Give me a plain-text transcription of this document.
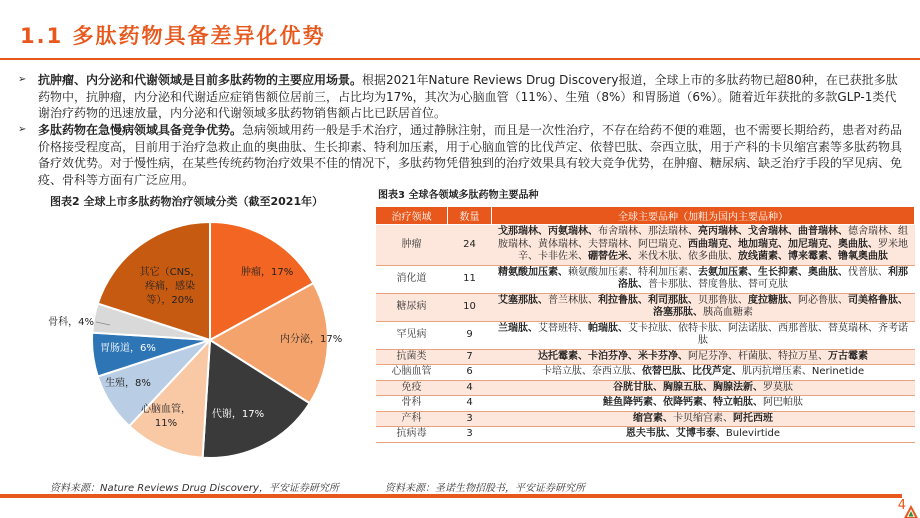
1.1 多肽药物具备差异化优势
➢ 抗肿瘤、内分泌和代谢领域是目前多肽药物的主要应用场景。根据2021年Nature Reviews Drug Discovery报道，全球上市的多肽药物已超80种，在已获批多肽药物中，抗肿瘤，内分泌和代谢适应症销售额位居前三，占比均为17%，其次为心脑血管（11%）、生殖（8%）和胃肠道（6%）。随着近年获批的多款GLP-1类代谢治疗药物的迅速放量，内分泌和代谢领域多肽药物销售额占比已跃居首位。
➢ 多肽药物在急慢病领域具备竞争优势。急病领域用药一般是手术治疗，通过静脉注射，而且是一次性治疗，不存在给药不便的难题，也不需要长期给药，患者对药品价格接受程度高，目前用于治疗急救止血的奥曲肽、生长抑素、特利加压素，用于心脑血管的比伐芦定、依替巴肽、奈西立肽，用于产科的卡贝缩宫素等多肽药物具备疗效优势。对于慢性病，在某些传统药物治疗效果不佳的情况下，多肽药物凭借独到的治疗效果具有较大竞争优势，在肿瘤、糖尿病、缺乏治疗手段的罕见病、免疫、骨科等方面有广泛应用。
图表2 全球上市多肽药物治疗领域分类（截至2021年）
肿瘤，17%
内分泌，17%
代谢，17%
心脑血管， 11%
生殖，8%
胃肠道，6%
骨科，4%
其它（CNS，疼痛，感染等），20%
图表3 全球各领域多肽药物主要品种
治疗领域	数量	全球主要品种（加粗为国内主要品种）
肿瘤	24	戈那瑞林、丙氨瑞林、布舍瑞林、那法瑞林、亮丙瑞林、戈舍瑞林、曲普瑞林、德舍瑞林、组胺瑞林、黄体瑞林、夫替瑞林、阿巴瑞克、西曲瑞克、地加瑞克、加尼瑞克、奥曲肽、罗米地辛、卡非佐米、硼替佐米、米伐木肽、依多曲肽、放线菌素、博来霉素、镥氧奥曲肽
消化道	11	精氨酸加压素、赖氨酸加压素、特利加压素、去氨加压素、生长抑素、奥曲肽、伐普肽、利那洛肽、普卡那肽、替度鲁肽、替可克肽
糖尿病	10	艾塞那肽、普兰林肽、利拉鲁肽、利司那肽、贝那鲁肽、度拉糖肽、阿必鲁肽、司美格鲁肽、洛塞那肽、胰高血糖素
罕见病	9	兰瑞肽、艾替班特、帕瑞肽、艾卡拉肽、依特卡肽、阿法诺肽、西那普肽、替莫瑞林、齐考诺肽
抗菌类	7	达托霉素、卡泊芬净、米卡芬净、阿尼芬净、杆菌肽、特拉万星、万古霉素
心脑血管	6	卡培立肽、奈西立肽、依替巴肽、比伐芦定、肌丙抗增压素、Nerinetide
免疫	4	谷胱甘肽、胸腺五肽、胸腺法新、罗莫肽
骨科	4	鲑鱼降钙素、依降钙素、特立帕肽、阿巴帕肽
产科	3	缩宫素、卡贝缩宫素、阿托西班
抗病毒	3	恩夫韦肽、艾博韦泰、Bulevirtide
资料来源：Nature Reviews Drug Discovery，平安证券研究所	资料来源：圣诺生物招股书，平安证券研究所
4
